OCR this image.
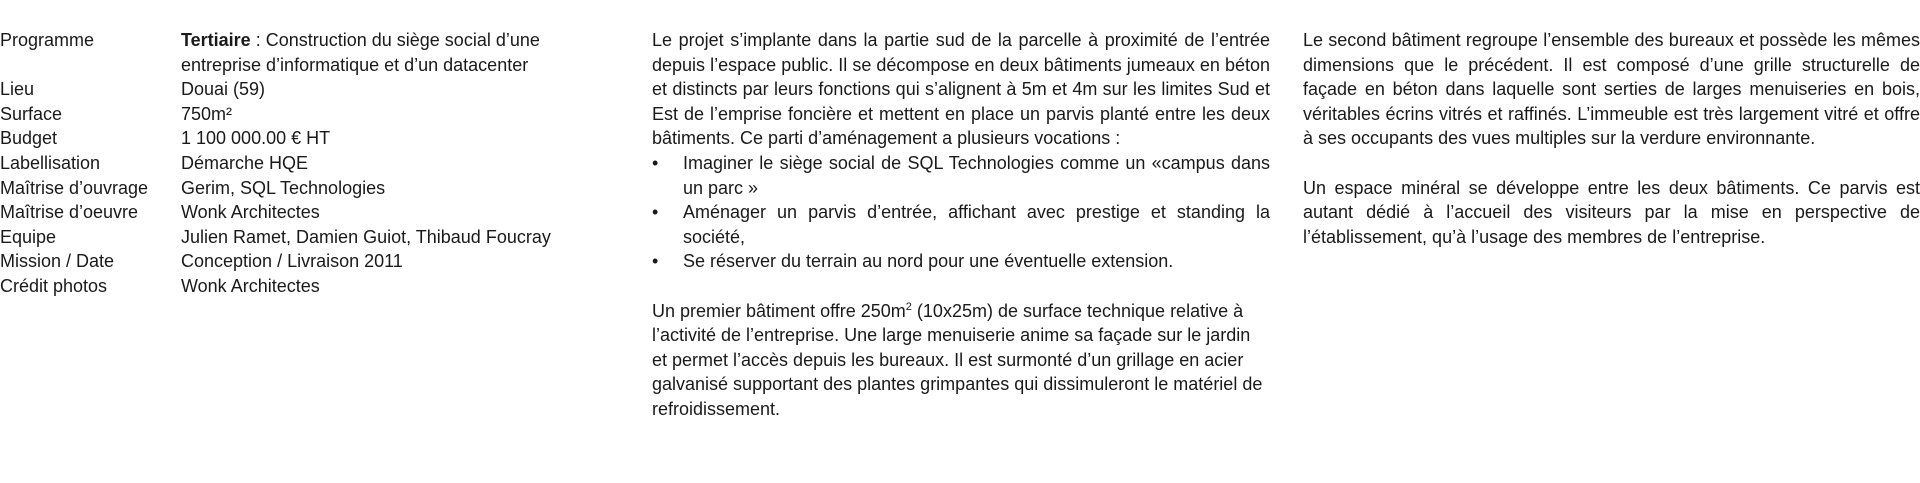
Programme	Tertiaire : Construction du siège social d’une entreprise d’informatique et d’un datacenter
Lieu	Douai (59)
Surface	750m²
Budget	1 100 000.00 € HT
Labellisation	Démarche HQE
Maîtrise d’ouvrage	Gerim, SQL Technologies
Maîtrise d’oeuvre	Wonk Architectes
Equipe	Julien Ramet, Damien Guiot, Thibaud Foucray
Mission / Date	Conception / Livraison 2011
Crédit photos	Wonk Architectes

Le projet s’implante dans la partie sud de la parcelle à proximité de l’entrée depuis l’espace public. Il se décompose en deux bâtiments jumeaux en béton et distincts par leurs fonctions qui s’alignent à 5m et 4m sur les limites Sud et Est de l’emprise foncière et mettent en place un parvis planté entre les deux bâtiments. Ce parti d’aménagement a plusieurs vocations :

• Imaginer le siège social de SQL Technologies comme un «campus dans un parc »
• Aménager un parvis d’entrée, affichant avec prestige et standing la société,
• Se réserver du terrain au nord pour une éventuelle extension.

Un premier bâtiment offre $250m^2$ (10x25m) de surface technique relative à l’activité de l’entreprise. Une large menuiserie anime sa façade sur le jardin et permet l’accès depuis les bureaux. Il est surmonté d’un grillage en acier galvanisé supportant des plantes grimpantes qui dissimuleront le matériel de refroidissement.

Le second bâtiment regroupe l’ensemble des bureaux et possède les mêmes dimensions que le précédent. Il est composé d’une grille structurelle de façade en béton dans laquelle sont serties de larges menuiseries en bois, véritables écrins vitrés et raffinés. L’immeuble est très largement vitré et offre à ses occupants des vues multiples sur la verdure environnante.

Un espace minéral se développe entre les deux bâtiments. Ce parvis est autant dédié à l’accueil des visiteurs par la mise en perspective de l’établissement, qu’à l’usage des membres de l’entreprise.
